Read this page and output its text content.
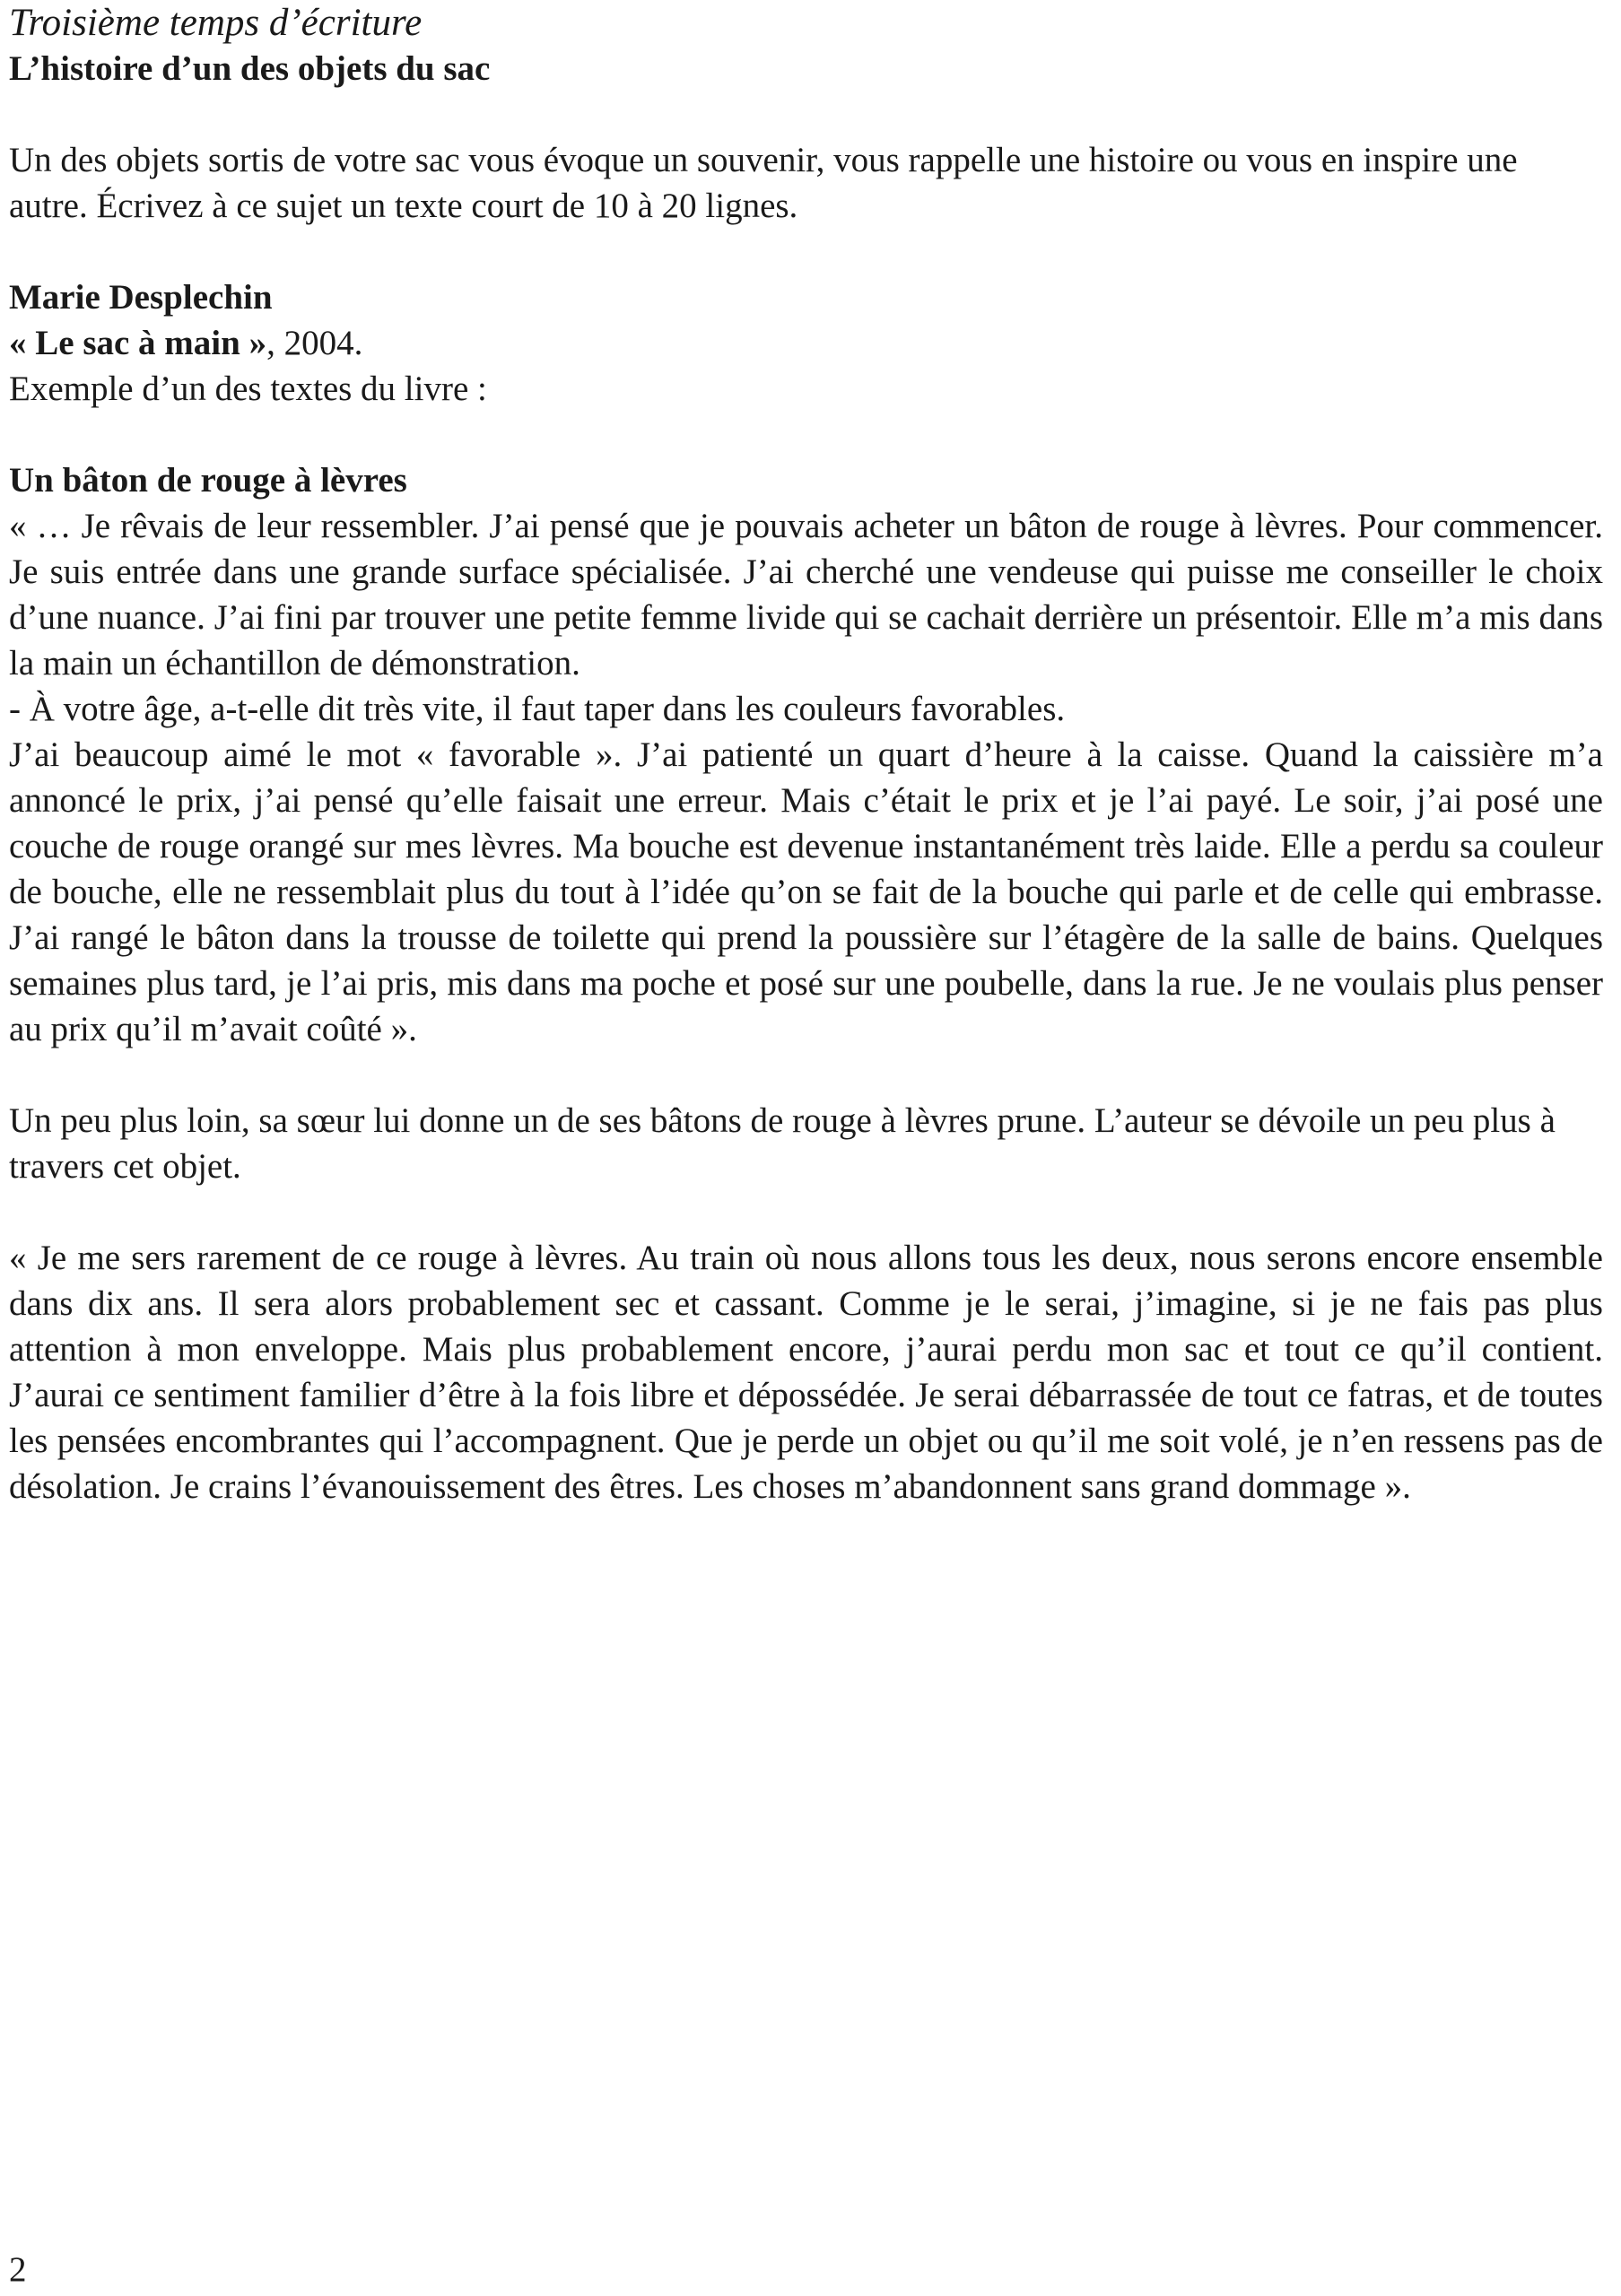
Troisième temps d’écriture

L’histoire d’un des objets du sac

Un des objets sortis de votre sac vous évoque un souvenir, vous rappelle une histoire ou vous en inspire une autre. Écrivez à ce sujet un texte court de 10 à 20 lignes.

Marie Desplechin

« Le sac à main », 2004.

Exemple d’un des textes du livre :

Un bâton de rouge à lèvres

« … Je rêvais de leur ressembler. J’ai pensé que je pouvais acheter un bâton de rouge à lèvres. Pour commencer. Je suis entrée dans une grande surface spécialisée. J’ai cherché une vendeuse qui puisse me conseiller le choix d’une nuance. J’ai fini par trouver une petite femme livide qui se cachait derrière un présentoir. Elle m’a mis dans la main un échantillon de démonstration.

- À votre âge, a-t-elle dit très vite, il faut taper dans les couleurs favorables.

J’ai beaucoup aimé le mot « favorable ». J’ai patienté un quart d’heure à la caisse. Quand la caissière m’a annoncé le prix, j’ai pensé qu’elle faisait une erreur. Mais c’était le prix et je l’ai payé. Le soir, j’ai posé une couche de rouge orangé sur mes lèvres. Ma bouche est devenue instantanément très laide. Elle a perdu sa couleur de bouche, elle ne ressemblait plus du tout à l’idée qu’on se fait de la bouche qui parle et de celle qui embrasse. J’ai rangé le bâton dans la trousse de toilette qui prend la poussière sur l’étagère de la salle de bains. Quelques semaines plus tard, je l’ai pris, mis dans ma poche et posé sur une poubelle, dans la rue. Je ne voulais plus penser au prix qu’il m’avait coûté ».

Un peu plus loin, sa sœur lui donne un de ses bâtons de rouge à lèvres prune. L’auteur se dévoile un peu plus à travers cet objet.

« Je me sers rarement de ce rouge à lèvres. Au train où nous allons tous les deux, nous serons encore ensemble dans dix ans. Il sera alors probablement sec et cassant. Comme je le serai, j’imagine, si je ne fais pas plus attention à mon enveloppe. Mais plus probablement encore, j’aurai perdu mon sac et tout ce qu’il contient. J’aurai ce sentiment familier d’être à la fois libre et dépossédée. Je serai débarrassée de tout ce fatras, et de toutes les pensées encombrantes qui l’accompagnent. Que je perde un objet ou qu’il me soit volé, je n’en ressens pas de désolation. Je crains l’évanouissement des êtres. Les choses m’abandonnent sans grand dommage ».

2
